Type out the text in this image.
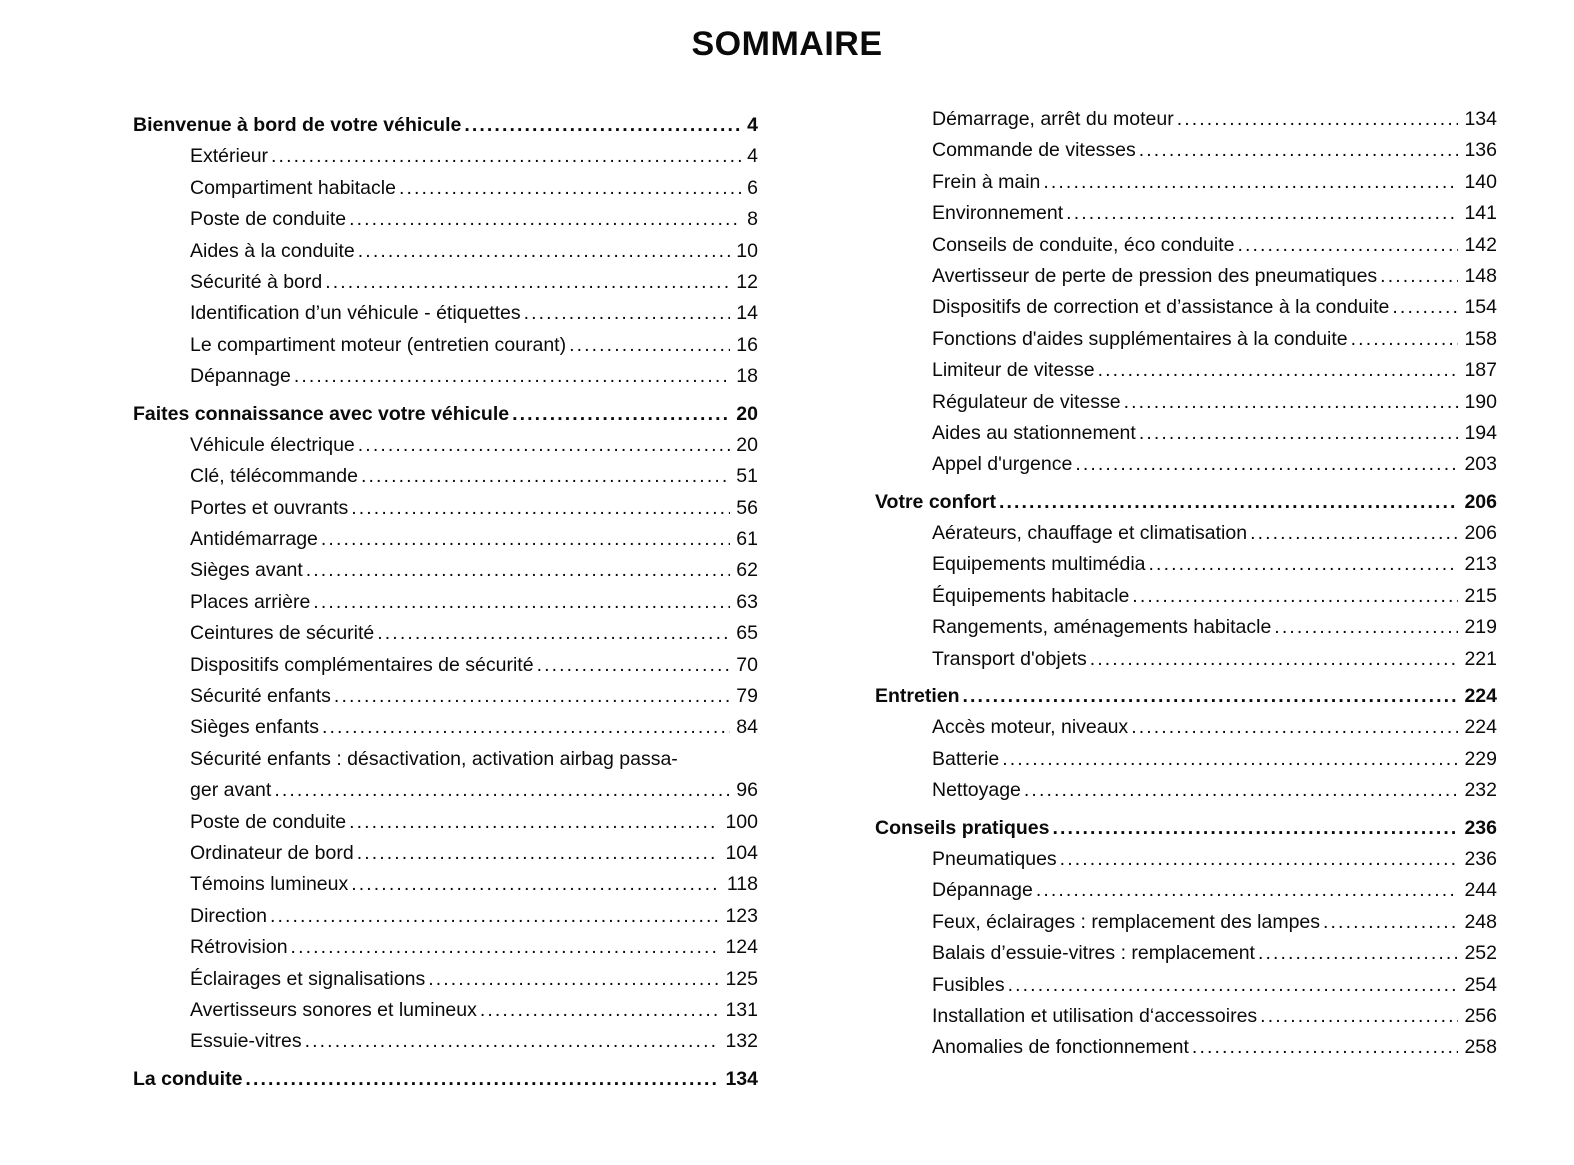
SOMMAIRE
Bienvenue à bord de votre véhicule .....	4
Extérieur .....	4
Compartiment habitacle .....	6
Poste de conduite .....	8
Aides à la conduite .....	10
Sécurité à bord .....	12
Identification d’un véhicule - étiquettes .....	14
Le compartiment moteur (entretien courant) .....	16
Dépannage .....	18
Faites connaissance avec votre véhicule .....	20
Véhicule électrique .....	20
Clé, télécommande .....	51
Portes et ouvrants .....	56
Antidémarrage .....	61
Sièges avant .....	62
Places arrière .....	63
Ceintures de sécurité .....	65
Dispositifs complémentaires de sécurité .....	70
Sécurité enfants .....	79
Sièges enfants .....	84
Sécurité enfants : désactivation, activation airbag passa-
ger avant .....	96
Poste de conduite .....	100
Ordinateur de bord .....	104
Témoins lumineux .....	118
Direction .....	123
Rétrovision .....	124
Éclairages et signalisations .....	125
Avertisseurs sonores et lumineux .....	131
Essuie-vitres .....	132
La conduite .....	134
Démarrage, arrêt du moteur .....	134
Commande de vitesses .....	136
Frein à main .....	140
Environnement .....	141
Conseils de conduite, éco conduite .....	142
Avertisseur de perte de pression des pneumatiques .....	148
Dispositifs de correction et d’assistance à la conduite .....	154
Fonctions d'aides supplémentaires à la conduite .....	158
Limiteur de vitesse .....	187
Régulateur de vitesse .....	190
Aides au stationnement .....	194
Appel d'urgence .....	203
Votre confort .....	206
Aérateurs, chauffage et climatisation .....	206
Equipements multimédia .....	213
Équipements habitacle .....	215
Rangements, aménagements habitacle .....	219
Transport d'objets .....	221
Entretien .....	224
Accès moteur, niveaux .....	224
Batterie .....	229
Nettoyage .....	232
Conseils pratiques .....	236
Pneumatiques .....	236
Dépannage .....	244
Feux, éclairages : remplacement des lampes .....	248
Balais d’essuie-vitres : remplacement .....	252
Fusibles .....	254
Installation et utilisation d‘accessoires .....	256
Anomalies de fonctionnement .....	258
